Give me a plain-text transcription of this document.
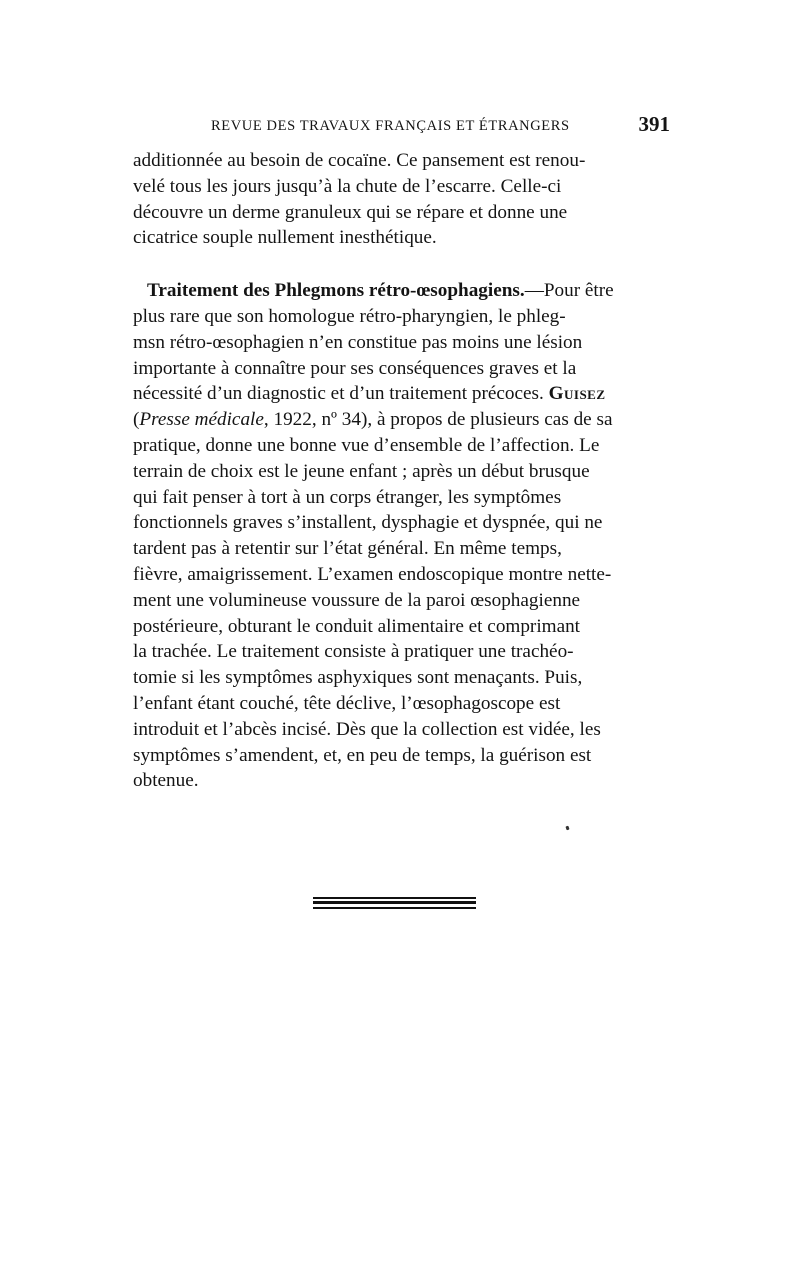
REVUE DES TRAVAUX FRANÇAIS ET ÉTRANGERS	391

additionnée au besoin de cocaïne. Ce pansement est renou-
velé tous les jours jusqu’à la chute de l’escarre. Celle-ci
découvre un derme granuleux qui se répare et donne une
cicatrice souple nullement inesthétique.

Traitement des Phlegmons rétro-œsophagiens.—Pour être
plus rare que son homologue rétro-pharyngien, le phleg-
msn rétro-œsophagien n’en constitue pas moins une lésion
importante à connaître pour ses conséquences graves et la
nécessité d’un diagnostic et d’un traitement précoces. Guisez
(Presse médicale, 1922, nº 34), à propos de plusieurs cas de sa
pratique, donne une bonne vue d’ensemble de l’affection. Le
terrain de choix est le jeune enfant ; après un début brusque
qui fait penser à tort à un corps étranger, les symptômes
fonctionnels graves s’installent, dysphagie et dyspnée, qui ne
tardent pas à retentir sur l’état général. En même temps,
fièvre, amaigrissement. L’examen endoscopique montre nette-
ment une volumineuse voussure de la paroi œsophagienne
postérieure, obturant le conduit alimentaire et comprimant
la trachée. Le traitement consiste à pratiquer une trachéo-
tomie si les symptômes asphyxiques sont menaçants. Puis,
l’enfant étant couché, tête déclive, l’œsophagoscope est
introduit et l’abcès incisé. Dès que la collection est vidée, les
symptômes s’amendent, et, en peu de temps, la guérison est
obtenue.
